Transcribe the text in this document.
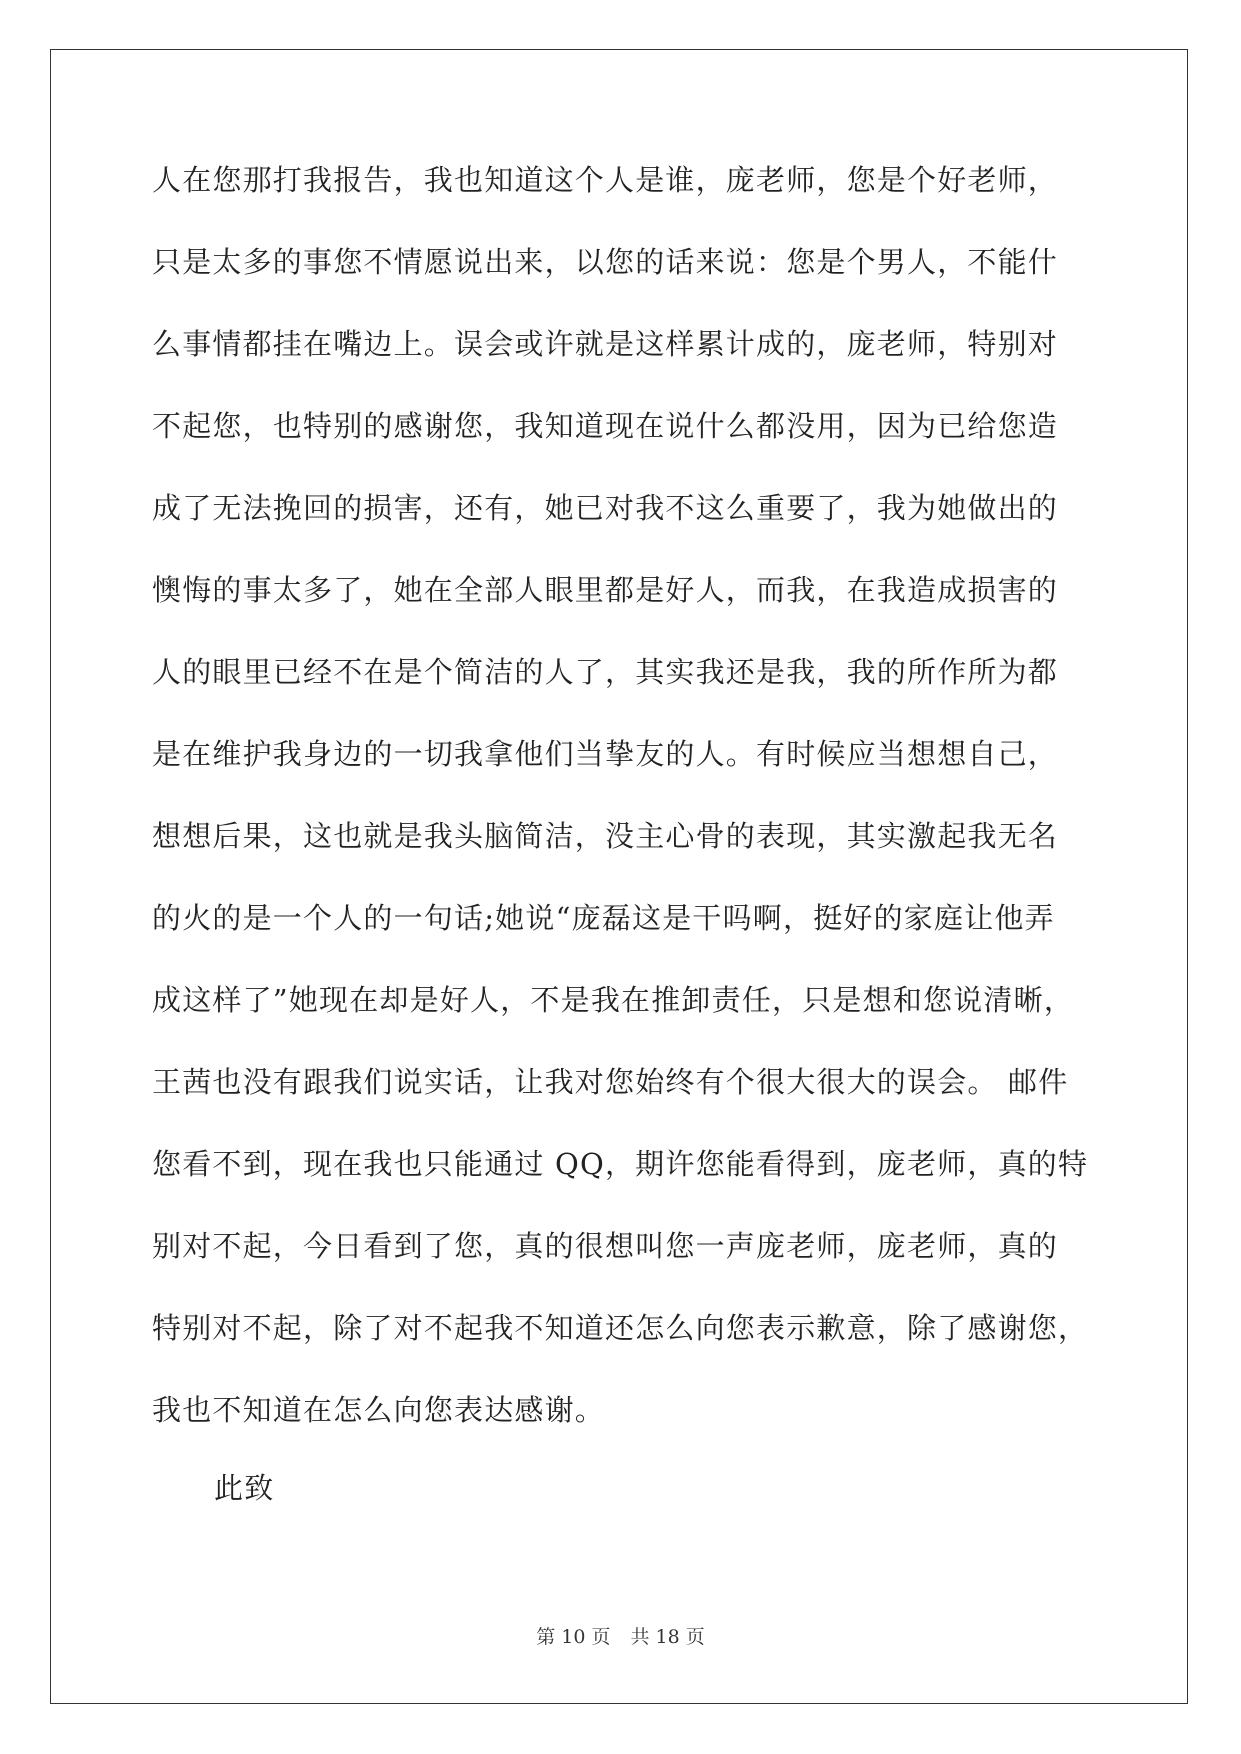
人在您那打我报告，我也知道这个人是谁，庞老师，您是个好老师，
只是太多的事您不情愿说出来，以您的话来说：您是个男人，不能什
么事情都挂在嘴边上。误会或许就是这样累计成的，庞老师，特别对
不起您，也特别的感谢您，我知道现在说什么都没用，因为已给您造
成了无法挽回的损害，还有，她已对我不这么重要了，我为她做出的
懊悔的事太多了，她在全部人眼里都是好人，而我，在我造成损害的
人的眼里已经不在是个简洁的人了，其实我还是我，我的所作所为都
是在维护我身边的一切我拿他们当挚友的人。有时候应当想想自己，
想想后果，这也就是我头脑简洁，没主心骨的表现，其实激起我无名
的火的是一个人的一句话;她说“庞磊这是干吗啊，挺好的家庭让他弄
成这样了”她现在却是好人，不是我在推卸责任，只是想和您说清晰，
王茜也没有跟我们说实话，让我对您始终有个很大很大的误会。 邮件
您看不到，现在我也只能通过 QQ，期许您能看得到，庞老师，真的特
别对不起，今日看到了您，真的很想叫您一声庞老师，庞老师，真的
特别对不起，除了对不起我不知道还怎么向您表示歉意，除了感谢您，
我也不知道在怎么向您表达感谢。
此致
第 10 页 共 18 页
